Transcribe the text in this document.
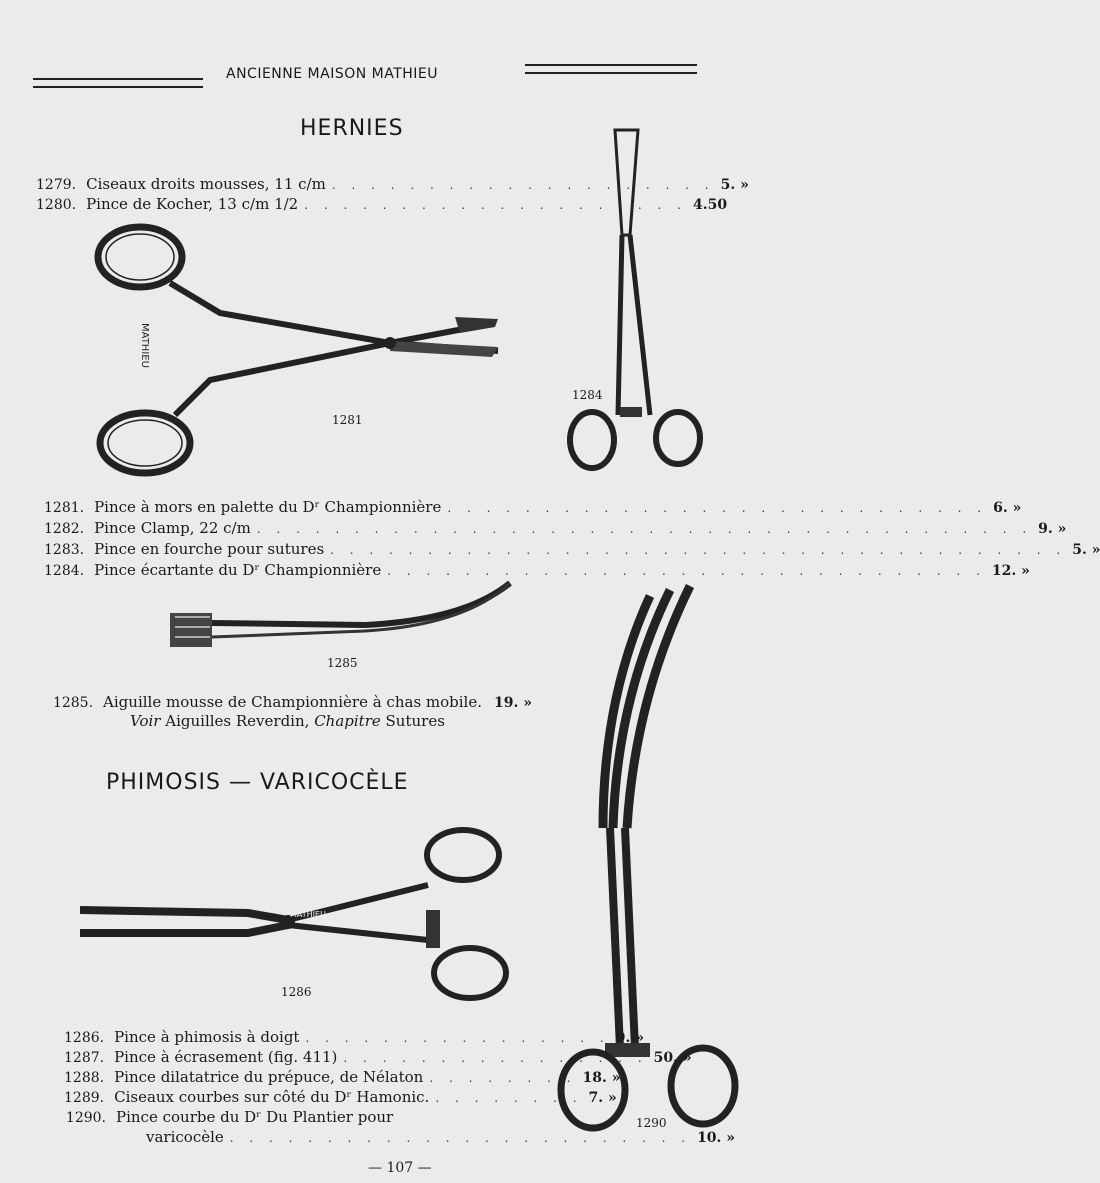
ANCIENNE MAISON MATHIEU
HERNIES
1279. Ciseaux droits mousses, 11 c/m . . . . . . . . . . . . . . . . . . . . 5. »
1280. Pince de Kocher, 13 c/m 1/2 . . . . . . . . . . . . . . . . . . . . 4.50
MATHIEU
1281
1284
1281. Pince à mors en palette du Dʳ Championnière . . . . . . . . . . . . . . . . . . . . . . . . . . . . 6. »
1282. Pince Clamp, 22 c/m . . . . . . . . . . . . . . . . . . . . . . . . . . . . . . . . . . . . . . . . 9. »
1283. Pince en fourche pour sutures . . . . . . . . . . . . . . . . . . . . . . . . . . . . . . . . . . . . . . 5. »
1284. Pince écartante du Dʳ Championnière . . . . . . . . . . . . . . . . . . . . . . . . . . . . . . . 12. »
1285
1285. Aiguille mousse de Championnière à chas mobile. 19. »
Voir Aiguilles Reverdin, Chapitre Sutures
PHIMOSIS — VARICOCÈLE
1290
MATHIEU
1286
1286. Pince à phimosis à doigt . . . . . . . . . . . . . . . . 9. »
1287. Pince à écrasement (fig. 411) . . . . . . . . . . . . . . . . 50. »
1288. Pince dilatatrice du prépuce, de Nélaton . . . . . . . . 18. »
1289. Ciseaux courbes sur côté du Dʳ Hamonic. . . . . . . . . 7. »
1290. Pince courbe du Dʳ Du Plantier pour
varicocèle . . . . . . . . . . . . . . . . . . . . . . . . 10. »
— 107 —
